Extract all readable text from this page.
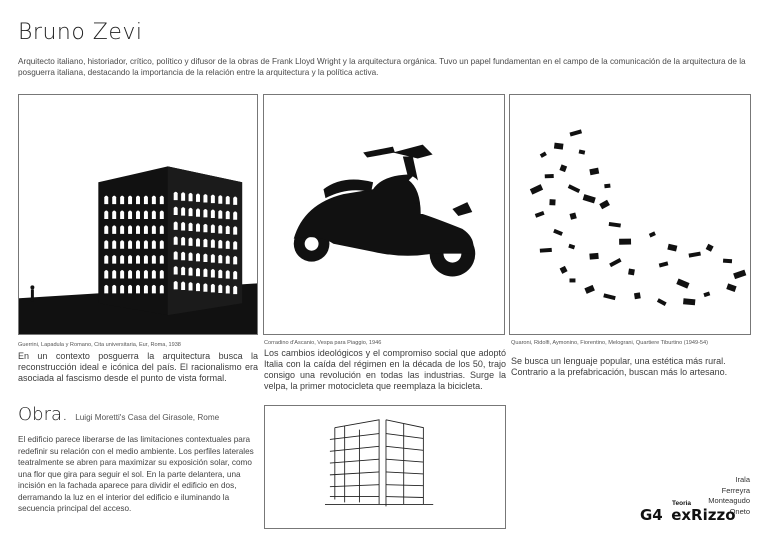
Bruno Zevi
Arquitecto italiano, historiador, crítico, político y difusor de la obras de Frank Lloyd Wright y la arquitectura orgánica. Tuvo un papel fundamentan en el campo de la comunicación de la arquitectura de la posguerra italiana, destacando la importancia de la relación entre la arquitectura y la política activa.
Guerrini, Lapadula y Romano, Cita universitaria, Eur, Roma, 1938
En un contexto posguerra la arquitectura busca la reconstrucción ideal e icónica del país. El racionalismo era asociada al fascismo desde el punto de vista formal.
Corradino d'Ascanio, Vespa para Piaggio, 1946
Los cambios ideológicos y el compromiso social que adoptó Italia con la caída del régimen en la década de los 50, trajo consigo una revolución en todas las industrias. Surge la velpa, la primer motocicleta que reemplaza la bicicleta.
Quaroni, Ridolfi, Aymonino, Fiorentino, Melograni, Quartiere Tiburtino (1949-54)
Se busca un lenguaje popular, una estética más rural. Contrario a la prefabricación, buscan más lo artesano.
Obra. Luigi Moretti's Casa del Girasole, Rome
El edificio parece liberarse de las limitaciones contextuales para redefinir su relación con el medio ambiente. Los perfiles laterales teatralmente se abren para maximizar su exposición solar, como una flor que gira para seguir el sol. En la parte delantera, una incisión en la fachada aparece para dividir el edificio en dos, derramando la luz en el interior del edificio e iluminando la secuencia principal del acceso.
Irala
Ferreyra
Monteagudo
Oneto
Teoria
G4 exRizzo
